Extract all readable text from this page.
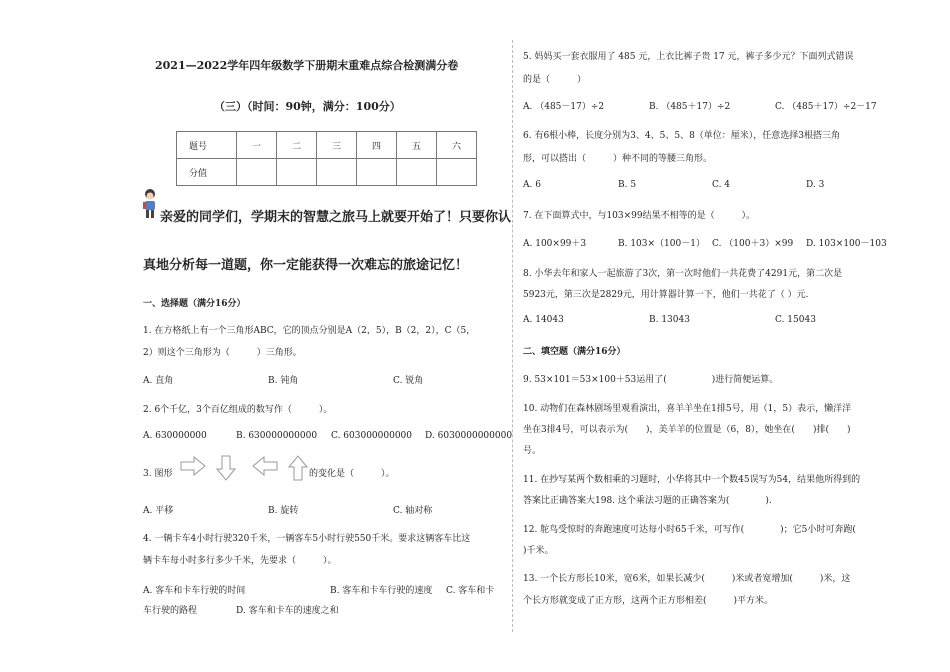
2021—2022学年四年级数学下册期末重难点综合检测满分卷
（三）（时间：90钟，满分：100分）
题号	一	二	三	四	五	六
分值						
亲爱的同学们，学期末的智慧之旅马上就要开始了！只要你认
真地分析每一道题，你一定能获得一次难忘的旅途记忆！
一、选择题（满分16分）
1. 在方格纸上有一个三角形ABC，它的顶点分别是A（2，5），B（2，2），C（5，
2）则这个三角形为（　　　）三角形。
A. 直角	B. 钝角	C. 锐角
2. 6个千亿，3个百亿组成的数写作（　　　）。
A. 630000000	B. 630000000000 C. 603000000000 D. 6030000000000
3. 图形	的变化是（　　　）。
A. 平移	B. 旋转	C. 轴对称
4. 一辆卡车4小时行驶320千米，一辆客车5小时行驶550千米。要求这辆客车比这
辆卡车每小时多行多少千米，先要求（　　　）。
A. 客车和卡车行驶的时间	B. 客车和卡车行驶的速度 C. 客车和卡
车行驶的路程	D. 客车和卡车的速度之和
5. 妈妈买一套衣服用了 485 元，上衣比裤子贵 17 元，裤子多少元？下面列式错误
的是（　　　）
A. （485－17）÷2	B. （485＋17）÷2	C. （485＋17）÷2－17
6. 有6根小棒，长度分别为3、4、5、5、8（单位：厘米），任意选择3根搭三角
形，可以搭出（　　　）种不同的等腰三角形。
A. 6	B. 5	C. 4	D. 3
7. 在下面算式中，与103×99结果不相等的是（　　　）。
A. 100×99＋3	B. 103×（100－1） C. （100＋3）×99 D. 103×100－103
8. 小华去年和家人一起旅游了3次，第一次时他们一共花费了4291元，第二次是
5923元，第三次是2829元，用计算器计算一下，他们一共花了（ ）元.
A. 14043	B. 13043	C. 15043
二、填空题（满分16分）
9. 53×101＝53×100＋53运用了(　　　　　)进行简便运算。
10. 动物们在森林剧场里观看演出，喜羊羊坐在1排5号，用（1，5）表示，懒洋洋
坐在3排4号，可以表示为(　　)，美羊羊的位置是（6，8），她坐在(　　)排(　　)
号。
11. 在抄写某两个数相乘的习题时，小华将其中一个数45误写为54，结果他所得到的
答案比正确答案大198. 这个乘法习题的正确答案为(　　　　).
12. 鸵鸟受惊时的奔跑速度可达每小时65千米，可写作(　　　　)；它5小时可奔跑(
)千米。
13. 一个长方形长10米，宽6米，如果长减少(　　　)米或者宽增加(　　　)米，这
个长方形就变成了正方形，这两个正方形相差(　　　)平方米。
